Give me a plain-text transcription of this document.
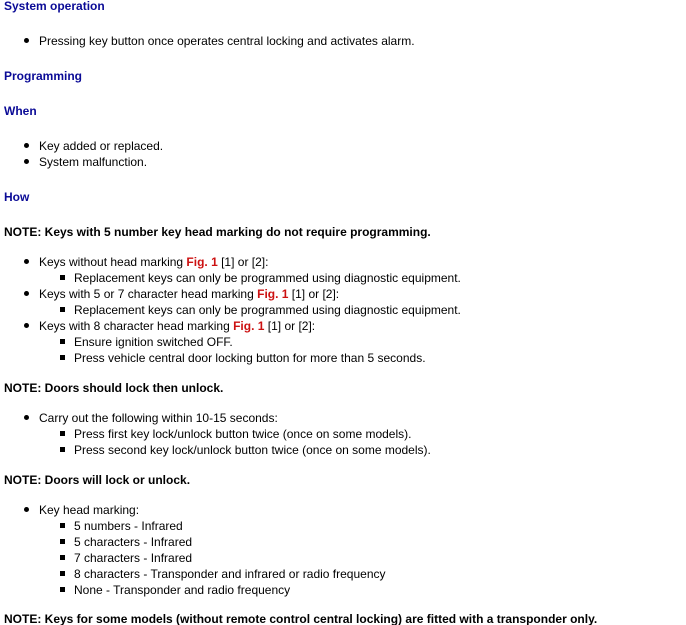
System operation

Pressing key button once operates central locking and activates alarm.

Programming

When

Key added or replaced.

System malfunction.

How

NOTE: Keys with 5 number key head marking do not require programming.

Keys without head marking Fig. 1 [1] or [2]:

Replacement keys can only be programmed using diagnostic equipment.

Keys with 5 or 7 character head marking Fig. 1 [1] or [2]:

Replacement keys can only be programmed using diagnostic equipment.

Keys with 8 character head marking Fig. 1 [1] or [2]:

Ensure ignition switched OFF.

Press vehicle central door locking button for more than 5 seconds.

NOTE: Doors should lock then unlock.

Carry out the following within 10-15 seconds:

Press first key lock/unlock button twice (once on some models).

Press second key lock/unlock button twice (once on some models).

NOTE: Doors will lock or unlock.

Key head marking:

5 numbers - Infrared

5 characters - Infrared

7 characters - Infrared

8 characters - Transponder and infrared or radio frequency

None - Transponder and radio frequency

NOTE: Keys for some models (without remote control central locking) are fitted with a transponder only.
